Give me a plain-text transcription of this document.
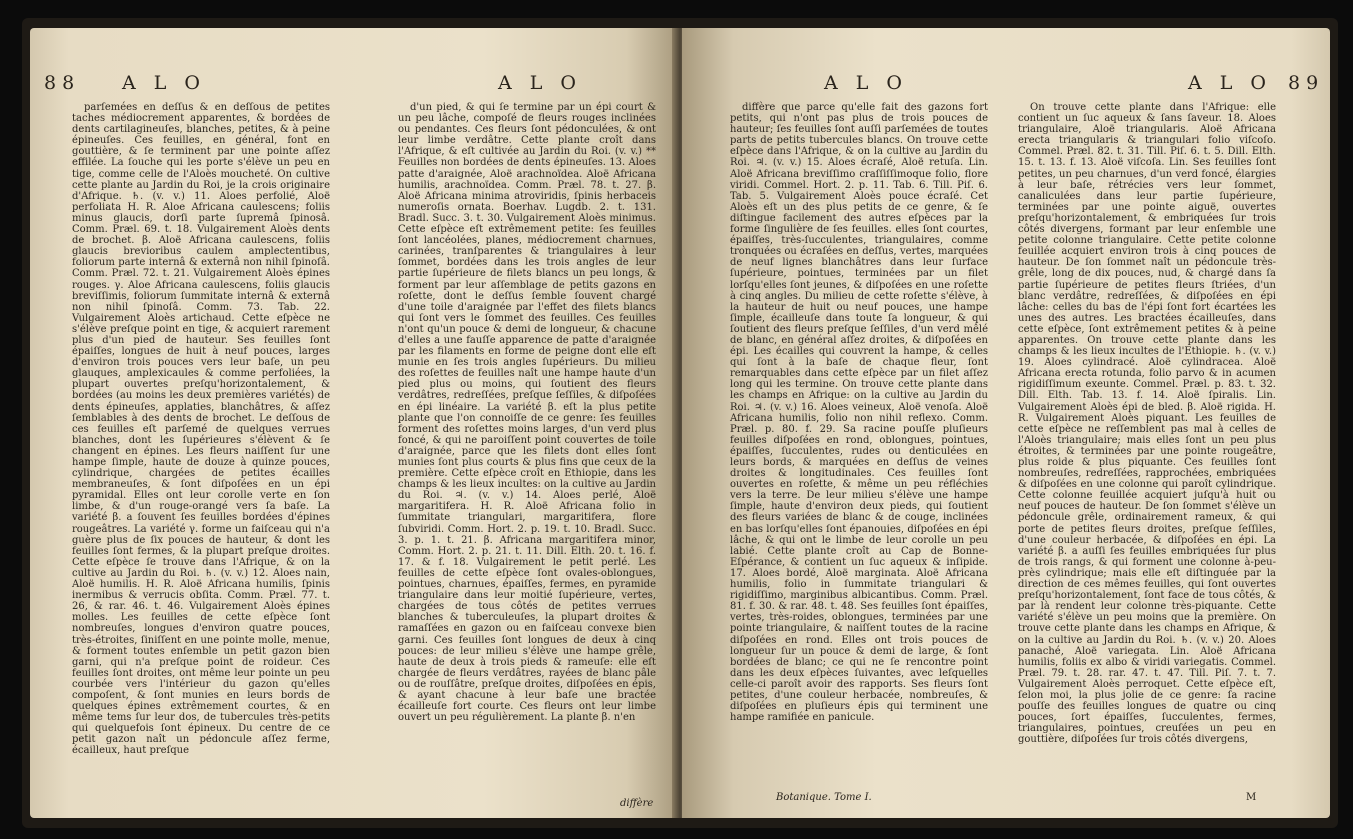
88 A L O	A L O

parſemées en deſſus & en deſſous de petites taches médiocrement apparentes, & bordées de dents cartilagineuſes, blanches, petites, & à peine épineuſes. Ces feuilles, en général, font en gouttière, & ſe terminent par une pointe aſſez effilée. La ſouche qui les porte s'élève un peu en tige, comme celle de l'Aloès moucheté. On cultive cette plante au Jardin du Roi, je la crois originaire d'Afrique. ♄. (v. v.) 11. Aloes perfolié, Aloë perfoliata H. R. Aloe Africana caulescens; foliis minus glaucis, dorſi parte ſupremâ ſpinosâ. Comm. Præl. 69. t. 18. Vulgairement Aloès dents de brochet. β. Aloë Africana caulescens, foliis glaucis brevioribus caulem amplectentibus, foliorum parte internâ & externâ non nihil ſpinoſâ. Comm. Præl. 72. t. 21. Vulgairement Aloès épines rouges. γ. Aloe Africana caulescens, foliis glaucis breviſſimis, foliorum ſummitate internâ & externâ non nihil ſpinoſâ. Comm. 73. Tab. 22. Vulgairement Aloès artichaud. Cette eſpèce ne s'élève preſque point en tige, & acquiert rarement plus d'un pied de hauteur. Ses feuilles ſont épaiſſes, longues de huit à neuf pouces, larges d'environ trois pouces vers leur baſe, un peu glauques, amplexicaules & comme perfoliées, la plupart ouvertes preſqu'horizontalement, & bordées (au moins les deux premières variétés) de dents épineuſes, applaties, blanchâtres, & aſſez ſemblables à des dents de brochet. Le deſſous de ces feuilles eſt parſemé de quelques verrues blanches, dont les ſupérieures s'élèvent & ſe changent en épines. Les fleurs naiſſent ſur une hampe ſimple, haute de douze à quinze pouces, cylindrique, chargées de petites écailles membraneuſes, & ſont diſpoſées en un épi pyramidal. Elles ont leur corolle verte en ſon limbe, & d'un rouge-orangé vers ſa baſe. La variété β. a ſouvent ſes feuilles bordées d'épines rougeâtres. La variété γ. forme un faiſceau qui n'a guère plus de ſix pouces de hauteur, & dont les feuilles ſont fermes, & la plupart preſque droites. Cette eſpèce ſe trouve dans l'Afrique, & on la cultive au Jardin du Roi. ♄. (v. v.) 12. Aloes nain, Aloë humilis. H. R. Aloë Africana humilis, ſpinis inermibus & verrucis obſita. Comm. Præl. 77. t. 26, & rar. 46. t. 46. Vulgairement Aloès épines molles. Les feuilles de cette eſpèce ſont nombreuſes, longues d'environ quatre pouces, très-étroites, ſiniſſent en une pointe molle, menue, & forment toutes enſemble un petit gazon bien garni, qui n'a preſque point de roideur. Ces feuilles ſont droites, ont même leur pointe un peu courbée vers l'intérieur du gazon qu'elles compoſent, & ſont munies en leurs bords de quelques épines extrêmement courtes, & en même tems ſur leur dos, de tubercules très-petits qui quelquefois ſont épineux. Du centre de ce petit gazon naît un pédoncule aſſez ferme, écailleux, haut preſque

d'un pied, & qui ſe termine par un épi court & un peu lâche, compoſé de fleurs rouges inclinées ou pendantes. Ces fleurs ſont pédonculées, & ont leur limbe verdâtre. Cette plante croît dans l'Afrique, & eſt cultivée au Jardin du Roi. (v. v.) ** Feuilles non bordées de dents épineuſes. 13. Aloes patte d'araignée, Aloë arachnoïdea. Aloë Africana humilis, arachnoïdea. Comm. Præl. 78. t. 27. β. Aloë Africana minima atroviridis, ſpinis herbaceis numeroſis ornata. Boerhav. Lugdb. 2. t. 131. Bradl. Succ. 3. t. 30. Vulgairement Aloès minimus. Cette eſpèce eſt extrêmement petite: ſes feuilles ſont lancéolées, planes, médiocrement charnues, carinées, tranſparentes & triangulaires à leur ſommet, bordées dans les trois angles de leur partie ſupérieure de filets blancs un peu longs, & forment par leur aſſemblage de petits gazons en roſette, dont le deſſus ſemble ſouvent chargé d'une toile d'araignée par l'effet des filets blancs qui ſont vers le ſommet des feuilles. Ces feuilles n'ont qu'un pouce & demi de longueur, & chacune d'elles a une fauſſe apparence de patte d'araignée par les filaments en forme de peigne dont elle eſt munie en ſes trois angles ſupérieurs. Du milieu des roſettes de feuilles naît une hampe haute d'un pied plus ou moins, qui ſoutient des fleurs verdâtres, redreſſées, preſque ſeſſiles, & diſpoſées en épi linéaire. La variété β. eſt la plus petite plante que l'on connoiſſe de ce genre: ſes feuilles forment des roſettes moins larges, d'un verd plus foncé, & qui ne paroiſſent point couvertes de toile d'araignée, parce que les filets dont elles ſont munies ſont plus courts & plus fins que ceux de la première. Cette eſpèce croît en Ethiopie, dans les champs & les lieux incultes: on la cultive au Jardin du Roi. ♃. (v. v.) 14. Aloes perlé, Aloë margaritifera. H. R. Aloë Africana folio in ſummitate triangulari, margaritifera, flore ſubviridi. Comm. Hort. 2. p. 19. t. 10. Bradl. Succ. 3. p. 1. t. 21. β. Africana margaritifera minor, Comm. Hort. 2. p. 21. t. 11. Dill. Elth. 20. t. 16. f. 17. & f. 18. Vulgairement le petit perlé. Les feuilles de cette eſpèce ſont ovales-oblongues, pointues, charnues, épaiſſes, fermes, en pyramide triangulaire dans leur moitié ſupérieure, vertes, chargées de tous côtés de petites verrues blanches & tuberculeuſes, la plupart droites & ramaſſées en gazon ou en faiſceau convexe bien garni. Ces feuilles ſont longues de deux à cinq pouces: de leur milieu s'élève une hampe grêle, haute de deux à trois pieds & rameuſe: elle eſt chargée de fleurs verdâtres, rayées de blanc pâle ou de rouſſâtre, preſque droites, diſpoſées en épis, & ayant chacune à leur baſe une bractée écailleuſe fort courte. Ces fleurs ont leur limbe ouvert un peu régulièrement. La plante β. n'en

diffère
A L O	A L O 89

diffère que parce qu'elle fait des gazons fort petits, qui n'ont pas plus de trois pouces de hauteur; ſes feuilles ſont auſſi parſemées de toutes parts de petits tubercules blancs. On trouve cette eſpèce dans l'Afrique, & on la cultive au Jardin du Roi. ♃. (v. v.) 15. Aloes écraſé, Aloë retuſa. Lin. Aloë Africana breviſſimo craſſiſſimoque folio, flore viridi. Commel. Hort. 2. p. 11. Tab. 6. Till. Piſ. 6. Tab. 5. Vulgairement Aloès pouce écraſé. Cet Aloès eſt un des plus petits de ce genre, & ſe diſtingue facilement des autres eſpèces par la forme ſingulière de ſes feuilles. elles ſont courtes, épaiſſes, très-ſucculentes, triangulaires, comme tronquées ou écraſées en deſſus, vertes, marquées de neuf lignes blanchâtres dans leur ſurface ſupérieure, pointues, terminées par un filet lorſqu'elles ſont jeunes, & diſpoſées en une roſette à cinq angles. Du milieu de cette roſette s'élève, à la hauteur de huit ou neuf pouces, une hampe ſimple, écailleuſe dans toute ſa longueur, & qui ſoutient des fleurs preſque ſeſſiles, d'un verd mêlé de blanc, en général aſſez droites, & diſpoſées en épi. Les écailles qui couvrent la hampe, & celles qui ſont à la baſe de chaque fleur, ſont remarquables dans cette eſpèce par un filet aſſez long qui les termine. On trouve cette plante dans les champs en Afrique: on la cultive au Jardin du Roi. ♃. (v. v.) 16. Aloes veineux, Aloë venoſa. Aloë Africana humilis, folio non nihil reflexo. Comm. Præl. p. 80. f. 29. Sa racine pouſſe pluſieurs feuilles diſpoſées en rond, oblongues, pointues, épaiſſes, ſucculentes, rudes ou denticulées en leurs bords, & marquées en deſſus de veines droites & longitudinales. Ces feuilles ſont ouvertes en roſette, & même un peu réfléchies vers la terre. De leur milieu s'élève une hampe ſimple, haute d'environ deux pieds, qui ſoutient des fleurs variées de blanc & de couge, inclinées en bas lorſqu'elles ſont épanouies, diſpoſées en épi lâche, & qui ont le limbe de leur corolle un peu labié. Cette plante croît au Cap de Bonne-Eſpérance, & contient un ſuc aqueux & inſipide. 17. Aloes bordé, Aloë marginata. Aloë Africana humilis, folio in ſummitate triangulari & rigidiſſimo, marginibus albicantibus. Comm. Præl. 81. f. 30. & rar. 48. t. 48. Ses feuilles ſont épaiſſes, vertes, très-roides, oblongues, terminées par une pointe triangulaire, & naiſſent toutes de la racine diſpoſées en rond. Elles ont trois pouces de longueur ſur un pouce & demi de large, & ſont bordées de blanc; ce qui ne ſe rencontre point dans les deux eſpèces ſuivantes, avec leſquelles celle-ci paroît avoir des rapports. Ses fleurs ſont petites, d'une couleur herbacée, nombreuſes, & diſpoſées en pluſieurs épis qui terminent une hampe ramifiée en panicule.

On trouve cette plante dans l'Afrique: elle contient un ſuc aqueux & ſans ſaveur. 18. Aloes triangulaire, Aloë triangularis. Aloë Africana erecta triangularis & triangulari folio viſcoſo. Commel. Præl. 82. t. 31. Till. Piſ. 6. t. 5. Dill. Elth. 15. t. 13. f. 13. Aloë viſcoſa. Lin. Ses feuilles ſont petites, un peu charnues, d'un verd foncé, élargies à leur baſe, rétrécies vers leur ſommet, canaliculées dans leur partie ſupérieure, terminées par une pointe aiguë, ouvertes preſqu'horizontalement, & embriquées ſur trois côtés divergens, formant par leur enſemble une petite colonne triangulaire. Cette petite colonne feuillée acquiert environ trois à cinq pouces de hauteur. De ſon ſommet naît un pédoncule très-grêle, long de dix pouces, nud, & chargé dans ſa partie ſupérieure de petites fleurs ſtriées, d'un blanc verdâtre, redreſſées, & diſpoſées en épi lâche: celles du bas de l'épi ſont fort écartées les unes des autres. Les bractées écailleuſes, dans cette eſpèce, ſont extrêmement petites & à peine apparentes. On trouve cette plante dans les champs & les lieux incultes de l'Ethiopie. ♄. (v. v.) 19. Aloes cylindracé. Aloë cylindracea. Aloë Africana erecta rotunda, folio parvo & in acumen rigidiſſimum exeunte. Commel. Præl. p. 83. t. 32. Dill. Elth. Tab. 13. f. 14. Aloë ſpiralis. Lin. Vulgairement Aloès épi de bled. β. Aloë rigida. H. R. Vulgairement Aloès piquant. Les feuilles de cette eſpèce ne reſſemblent pas mal à celles de l'Aloès triangulaire; mais elles ſont un peu plus étroites, & terminées par une pointe rougeâtre, plus roide & plus piquante. Ces feuilles ſont nombreuſes, redreſſées, rapprochées, embriquées & diſpoſées en une colonne qui paroît cylindrique. Cette colonne feuillée acquiert juſqu'à huit ou neuf pouces de hauteur. De ſon ſommet s'élève un pédoncule grêle, ordinairement rameux, & qui porte de petites fleurs droites, preſque ſeſſiles, d'une couleur herbacée, & diſpoſées en épi. La variété β. a auſſi ſes feuilles embriquées ſur plus de trois rangs, & qui forment une colonne à-peu-près cylindrique; mais elle eſt diſtinguée par la direction de ces mêmes feuilles, qui ſont ouvertes preſqu'horizontalement, ſont face de tous côtés, & par là rendent leur colonne très-piquante. Cette variété s'élève un peu moins que la première. On trouve cette plante dans les champs en Afrique, & on la cultive au Jardin du Roi. ♄. (v. v.) 20. Aloes panaché, Aloë variegata. Lin. Aloë Africana humilis, foliis ex albo & viridi variegatis. Commel. Præl. 79. t. 28. rar. 47. t. 47. Till. Piſ. 7. t. 7. Vulgairement Aloès perroquet. Cette eſpèce eſt, ſelon moi, la plus jolie de ce genre: ſa racine pouſſe des feuilles longues de quatre ou cinq pouces, ſort épaiſſes, ſucculentes, fermes, triangulaires, pointues, creuſées un peu en gouttière, diſpoſées ſur trois côtés divergens,

Botanique. Tome I.	M
